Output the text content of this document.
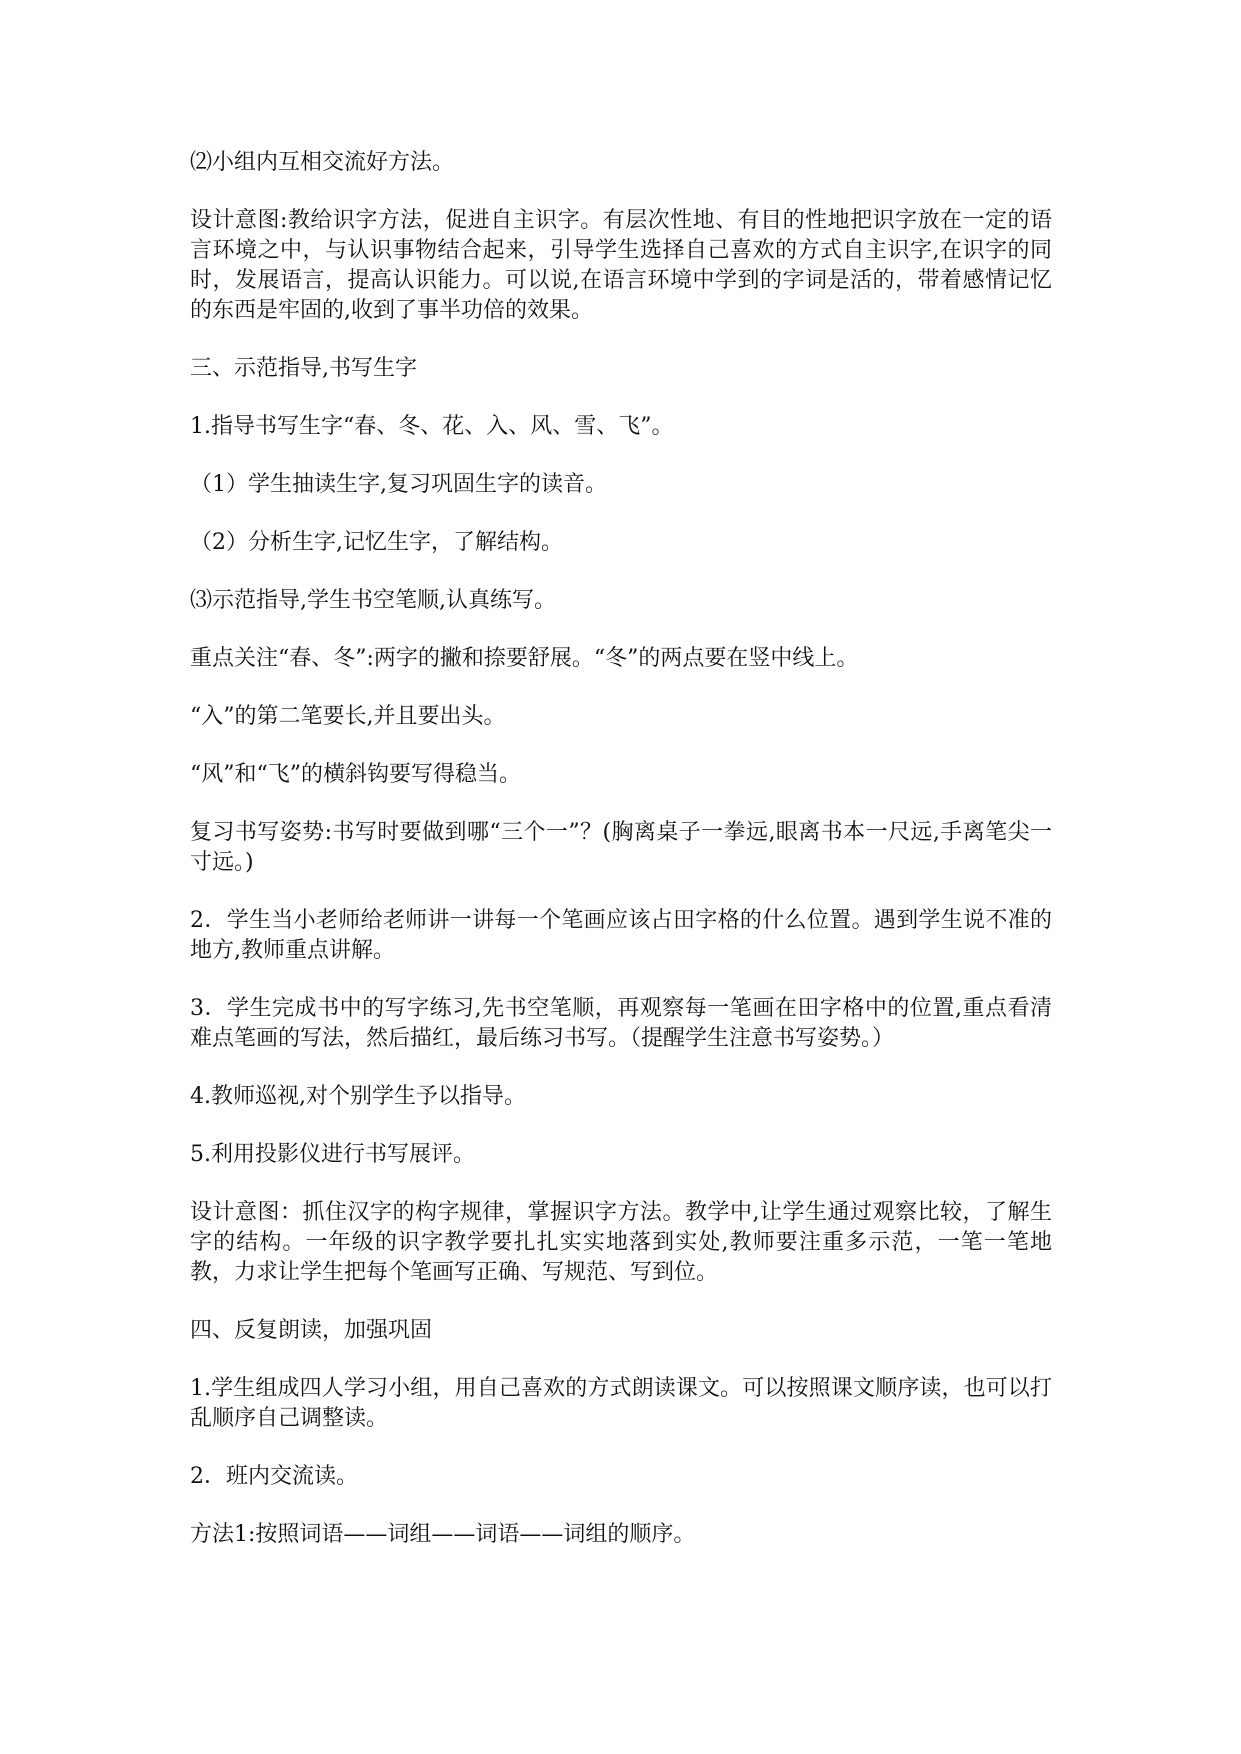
⑵小组内互相交流好方法。

设计意图:教给识字方法，促进自主识字。有层次性地、有目的性地把识字放在一定的语言环境之中，与认识事物结合起来，引导学生选择自己喜欢的方式自主识字,在识字的同时，发展语言，提高认识能力。可以说,在语言环境中学到的字词是活的，带着感情记忆的东西是牢固的,收到了事半功倍的效果。

三、示范指导,书写生字

1.指导书写生字“春、冬、花、入、风、雪、飞”。

（1）学生抽读生字,复习巩固生字的读音。

（2）分析生字,记忆生字，了解结构。

⑶示范指导,学生书空笔顺,认真练写。

重点关注“春、冬”:两字的撇和捺要舒展。“冬”的两点要在竖中线上。

“入”的第二笔要长,并且要出头。

“风”和“飞”的横斜钩要写得稳当。

复习书写姿势:书写时要做到哪“三个一”？(胸离桌子一拳远,眼离书本一尺远,手离笔尖一寸远。)

2．学生当小老师给老师讲一讲每一个笔画应该占田字格的什么位置。遇到学生说不准的地方,教师重点讲解。

3．学生完成书中的写字练习,先书空笔顺，再观察每一笔画在田字格中的位置,重点看清难点笔画的写法，然后描红，最后练习书写。（提醒学生注意书写姿势。）

4.教师巡视,对个别学生予以指导。

5.利用投影仪进行书写展评。

设计意图：抓住汉字的构字规律，掌握识字方法。教学中,让学生通过观察比较，了解生字的结构。一年级的识字教学要扎扎实实地落到实处,教师要注重多示范，一笔一笔地教，力求让学生把每个笔画写正确、写规范、写到位。

四、反复朗读，加强巩固

1.学生组成四人学习小组，用自己喜欢的方式朗读课文。可以按照课文顺序读，也可以打乱顺序自己调整读。

2．班内交流读。

方法1:按照词语——词组——词语——词组的顺序。
